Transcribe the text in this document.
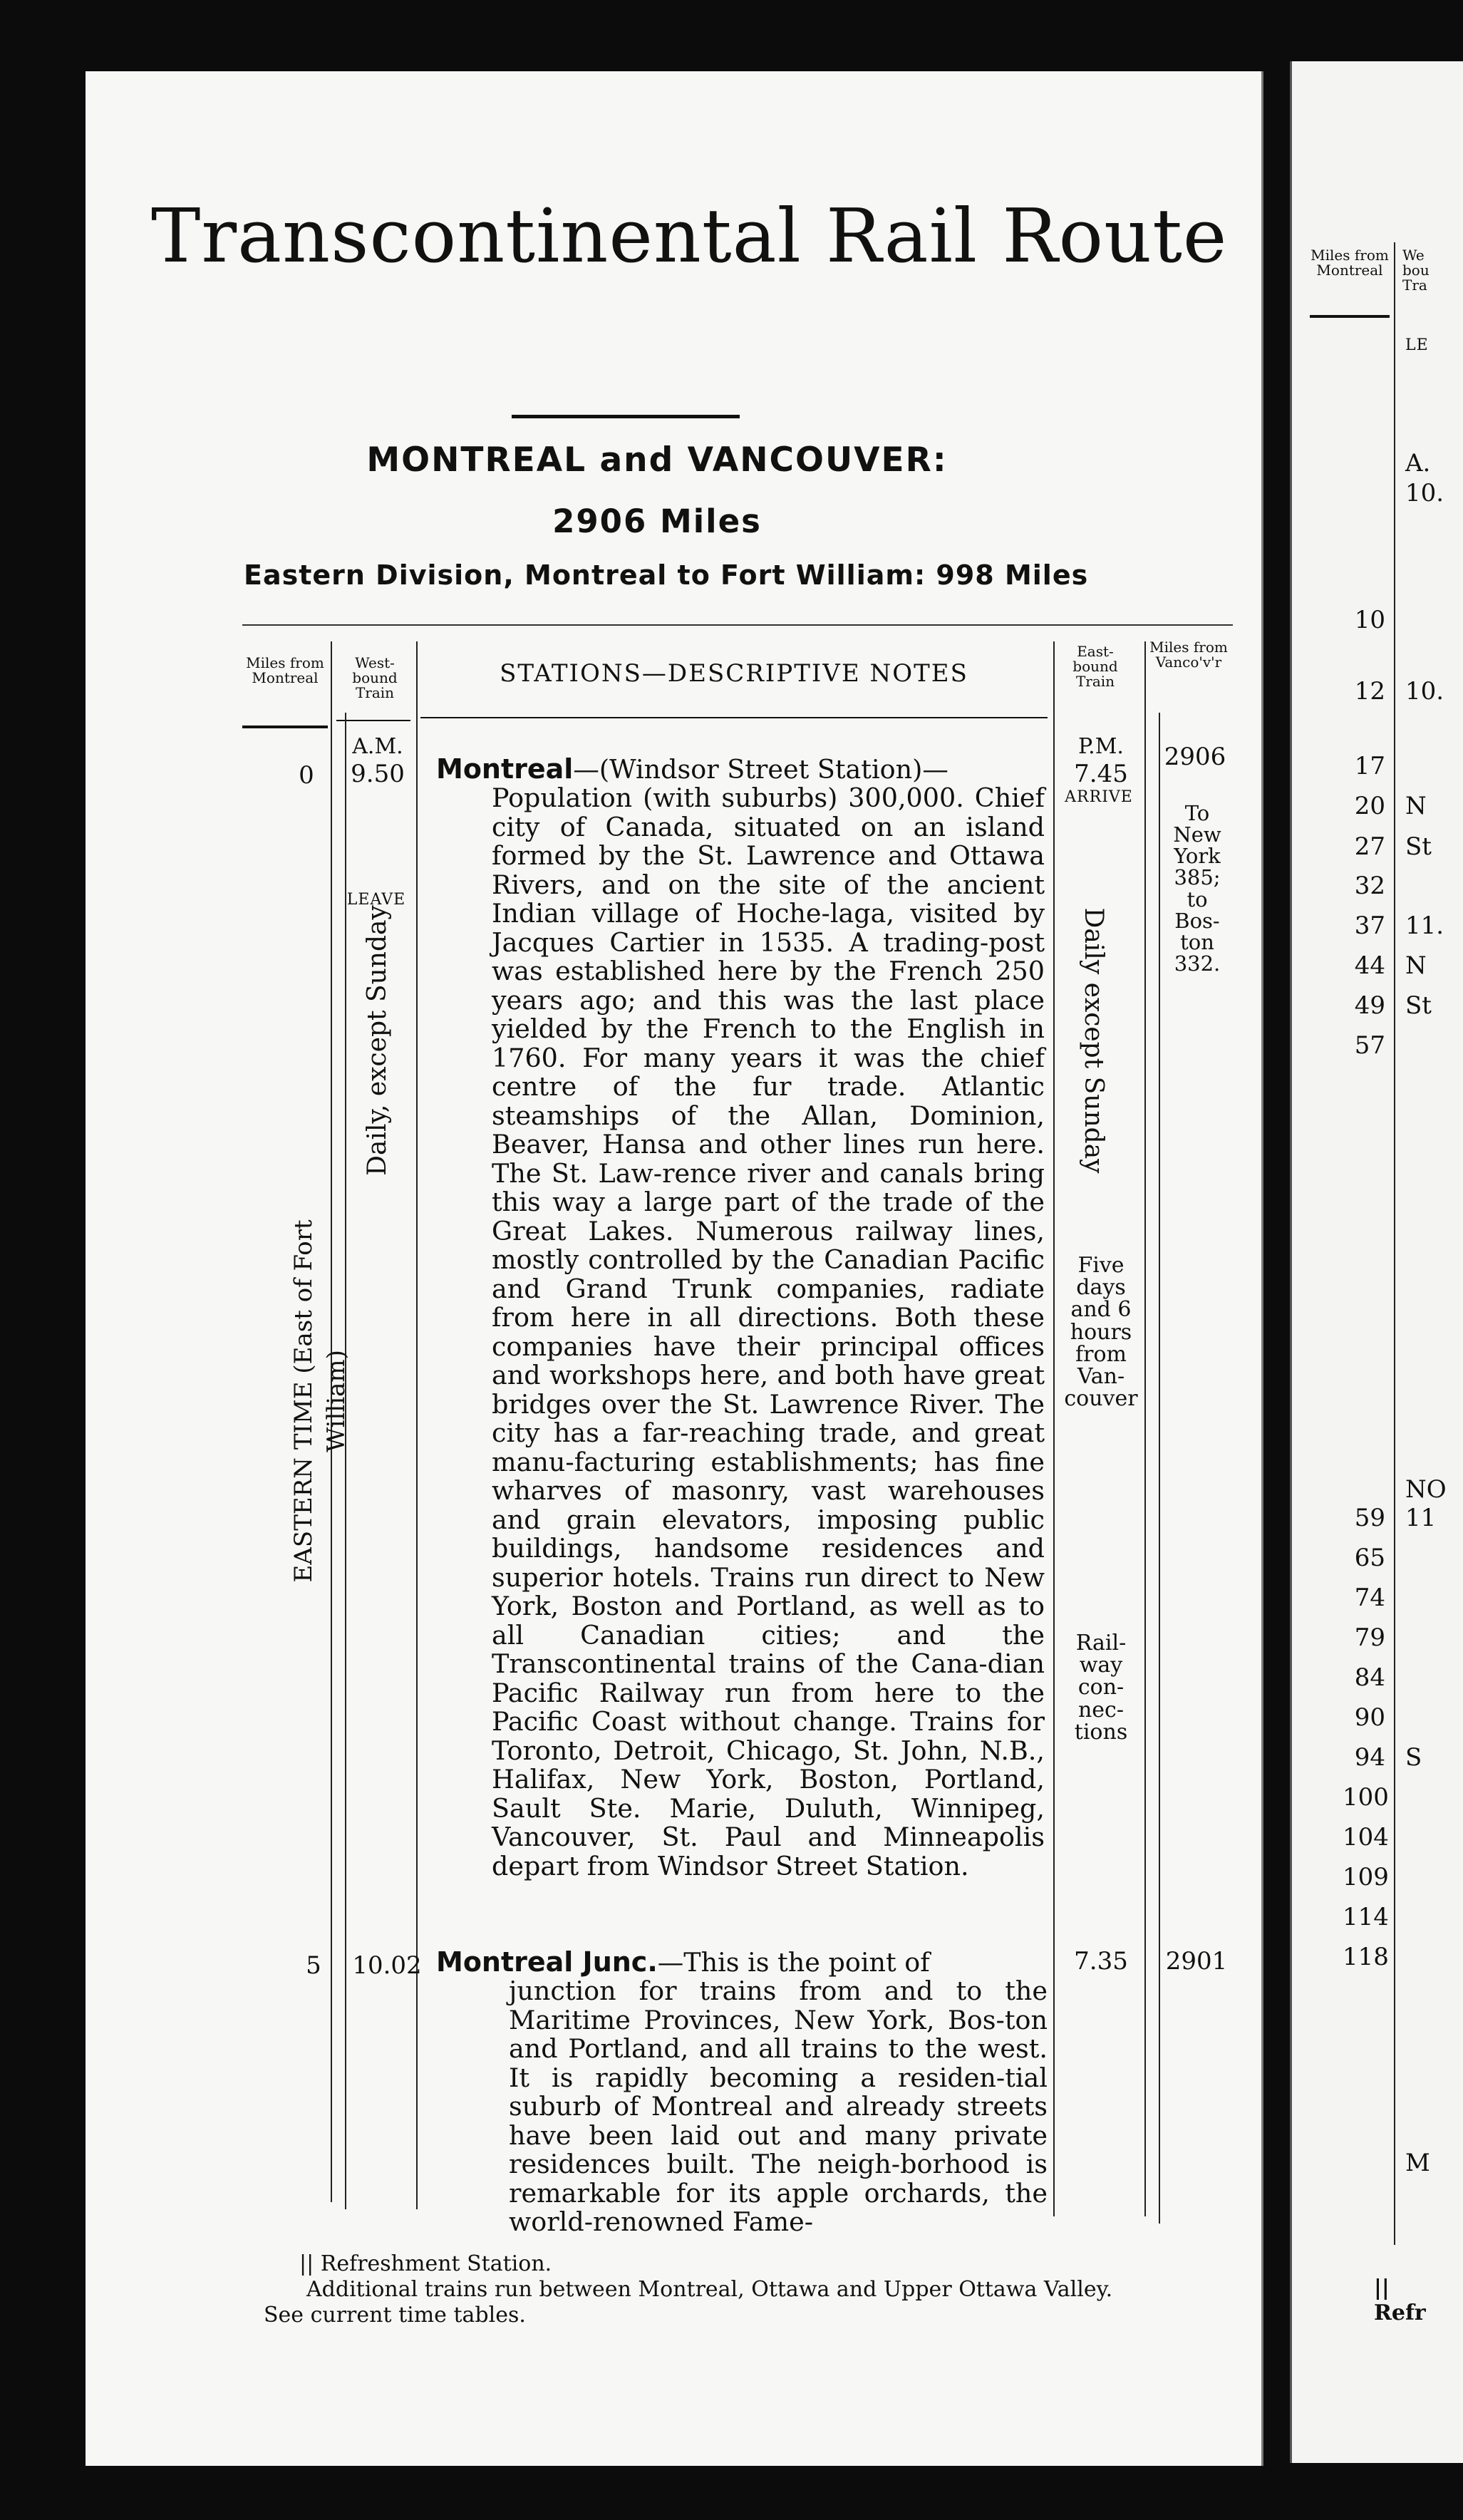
Transcontinental Rail Route
MONTREAL and VANCOUVER:
2906 Miles
Eastern Division, Montreal to Fort William: 998 Miles
Miles from Montreal
West- bound Train
STATIONS—DESCRIPTIVE NOTES
East- bound Train
Miles from Vanco'v'r
0
A.M.
9.50
LEAVE
Daily, except Sunday
EASTERN TIME (East of Fort William)
Montreal—(Windsor Street Station)—
Population (with suburbs) 300,000. Chief city of Canada, situated on an island formed by the St. Lawrence and Ottawa Rivers, and on the site of the ancient Indian village of Hoche-laga, visited by Jacques Cartier in 1535. A trading-post was established here by the French 250 years ago; and this was the last place yielded by the French to the English in 1760. For many years it was the chief centre of the fur trade. Atlantic steamships of the Allan, Dominion, Beaver, Hansa and other lines run here. The St. Law-rence river and canals bring this way a large part of the trade of the Great Lakes. Numerous railway lines, mostly controlled by the Canadian Pacific and Grand Trunk companies, radiate from here in all directions. Both these companies have their principal offices and workshops here, and both have great bridges over the St. Lawrence River. The city has a far-reaching trade, and great manu-facturing establishments; has fine wharves of masonry, vast warehouses and grain elevators, imposing public buildings, handsome residences and superior hotels. Trains run direct to New York, Boston and Portland, as well as to all Canadian cities; and the Transcontinental trains of the Cana-dian Pacific Railway run from here to the Pacific Coast without change. Trains for Toronto, Detroit, Chicago, St. John, N.B., Halifax, New York, Boston, Portland, Sault Ste. Marie, Duluth, Winnipeg, Vancouver, St. Paul and Minneapolis depart from Windsor Street Station.
P.M.
7.45
ARRIVE
2906
To New York 385; to Bos- ton 332.
Daily except Sunday
Five days and 6 hours from Van- couver
Rail- way con- nec- tions
5 10.02 Montreal Junc.—This is the point of
junction for trains from and to the Maritime Provinces, New York, Bos-ton and Portland, and all trains to the west. It is rapidly becoming a residen-tial suburb of Montreal and already streets have been laid out and many private residences built. The neigh-borhood is remarkable for its apple orchards, the world-renowned Fame-
7.35	2901
|| Refreshment Station.
Additional trains run between Montreal, Ottawa and Upper Ottawa Valley.
See current time tables.
Miles from Montreal
We bou Tra
LE
|| Refr
10
12
17
20
27
32
37
44
49
57
59
65
74
79
84
90
94
100
104
109
114
118
A.
10.
10.
N
St
11.
N
St
NO
11
S
M
